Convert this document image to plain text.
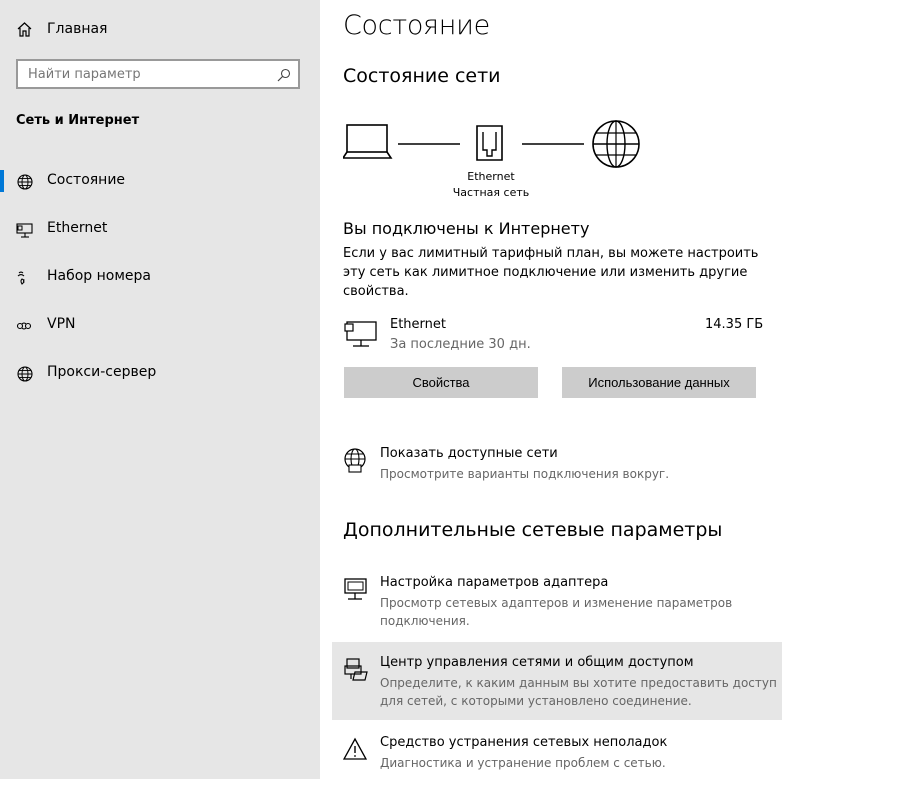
Главная
Найти параметр
Сеть и Интернет
Состояние
Ethernet
Набор номера
VPN
Прокси-сервер
Состояние
Состояние сети
Ethernet
Частная сеть
Вы подключены к Интернету
Если у вас лимитный тарифный план, вы можете настроить эту сеть как лимитное подключение или изменить другие свойства.
Ethernet
За последние 30 дн.
14.35 ГБ
Свойства	Использование данных
Показать доступные сети
Просмотрите варианты подключения вокруг.
Дополнительные сетевые параметры
Настройка параметров адаптера
Просмотр сетевых адаптеров и изменение параметров подключения.
Центр управления сетями и общим доступом
Определите, к каким данным вы хотите предоставить доступ для сетей, с которыми установлено соединение.
Средство устранения сетевых неполадок
Диагностика и устранение проблем с сетью.
